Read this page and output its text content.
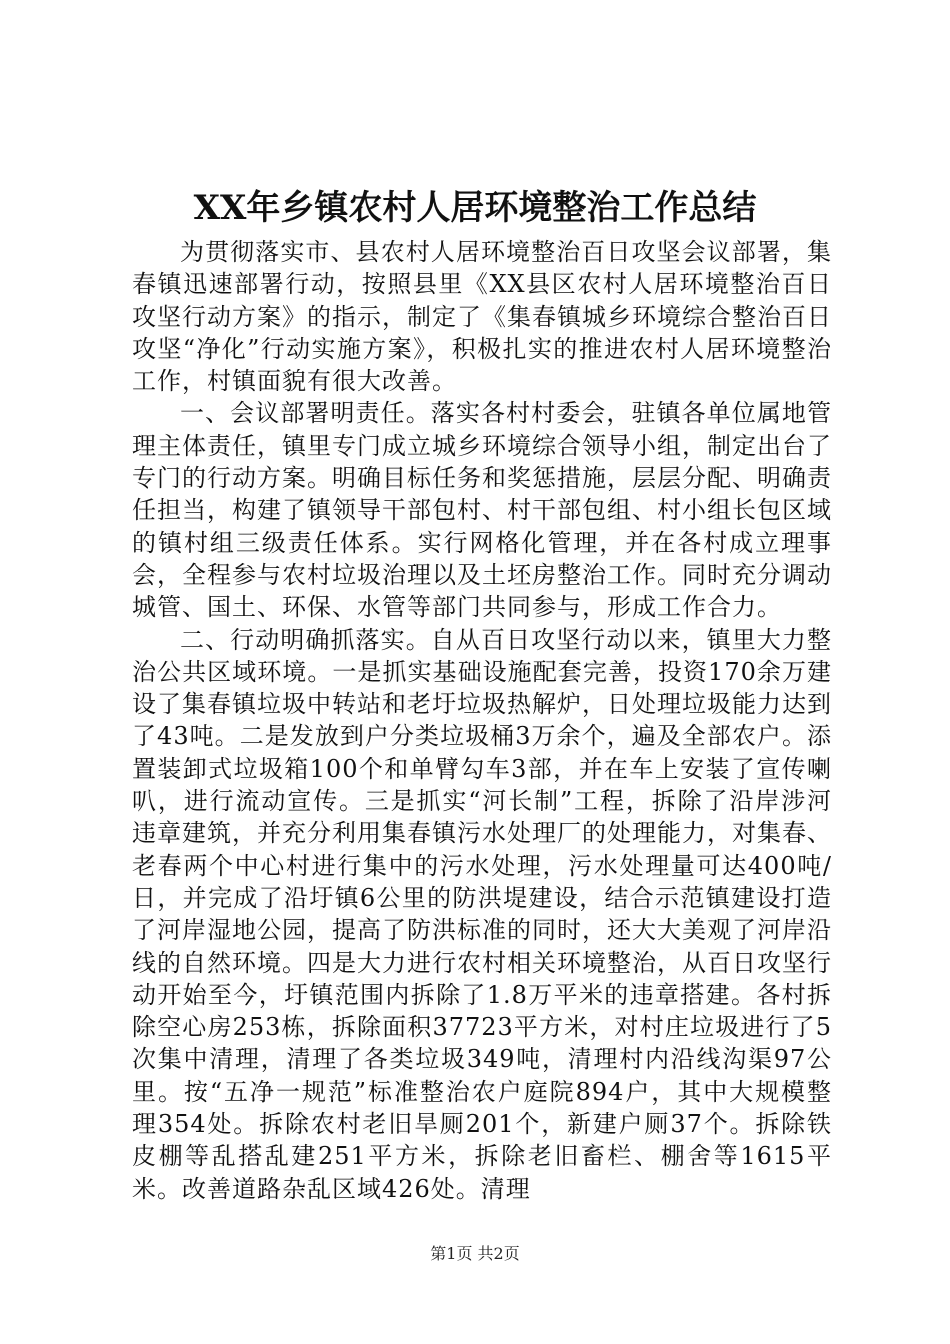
XX年乡镇农村人居环境整治工作总结

为贯彻落实市、县农村人居环境整治百日攻坚会议部署，集春镇迅速部署行动，按照县里《XX县区农村人居环境整治百日攻坚行动方案》的指示，制定了《集春镇城乡环境综合整治百日攻坚“净化”行动实施方案》，积极扎实的推进农村人居环境整治工作，村镇面貌有很大改善。

一、会议部署明责任。落实各村村委会，驻镇各单位属地管理主体责任，镇里专门成立城乡环境综合领导小组，制定出台了专门的行动方案。明确目标任务和奖惩措施，层层分配、明确责任担当，构建了镇领导干部包村、村干部包组、村小组长包区域的镇村组三级责任体系。实行网格化管理，并在各村成立理事会，全程参与农村垃圾治理以及土坯房整治工作。同时充分调动城管、国土、环保、水管等部门共同参与，形成工作合力。

二、行动明确抓落实。自从百日攻坚行动以来，镇里大力整治公共区域环境。一是抓实基础设施配套完善，投资170余万建设了集春镇垃圾中转站和老圩垃圾热解炉，日处理垃圾能力达到了43吨。二是发放到户分类垃圾桶3万余个，遍及全部农户。添置装卸式垃圾箱100个和单臂勾车3部，并在车上安装了宣传喇叭，进行流动宣传。三是抓实“河长制”工程，拆除了沿岸涉河违章建筑，并充分利用集春镇污水处理厂的处理能力，对集春、老春两个中心村进行集中的污水处理，污水处理量可达400吨/日，并完成了沿圩镇6公里的防洪堤建设，结合示范镇建设打造了河岸湿地公园，提高了防洪标准的同时，还大大美观了河岸沿线的自然环境。四是大力进行农村相关环境整治，从百日攻坚行动开始至今，圩镇范围内拆除了1.8万平米的违章搭建。各村拆除空心房253栋，拆除面积37723平方米，对村庄垃圾进行了5次集中清理，清理了各类垃圾349吨，清理村内沿线沟渠97公里。按“五净一规范”标准整治农户庭院894户，其中大规模整理354处。拆除农村老旧旱厕201个，新建户厕37个。拆除铁皮棚等乱搭乱建251平方米，拆除老旧畜栏、棚舍等1615平米。改善道路杂乱区域426处。清理

第1页 共2页
